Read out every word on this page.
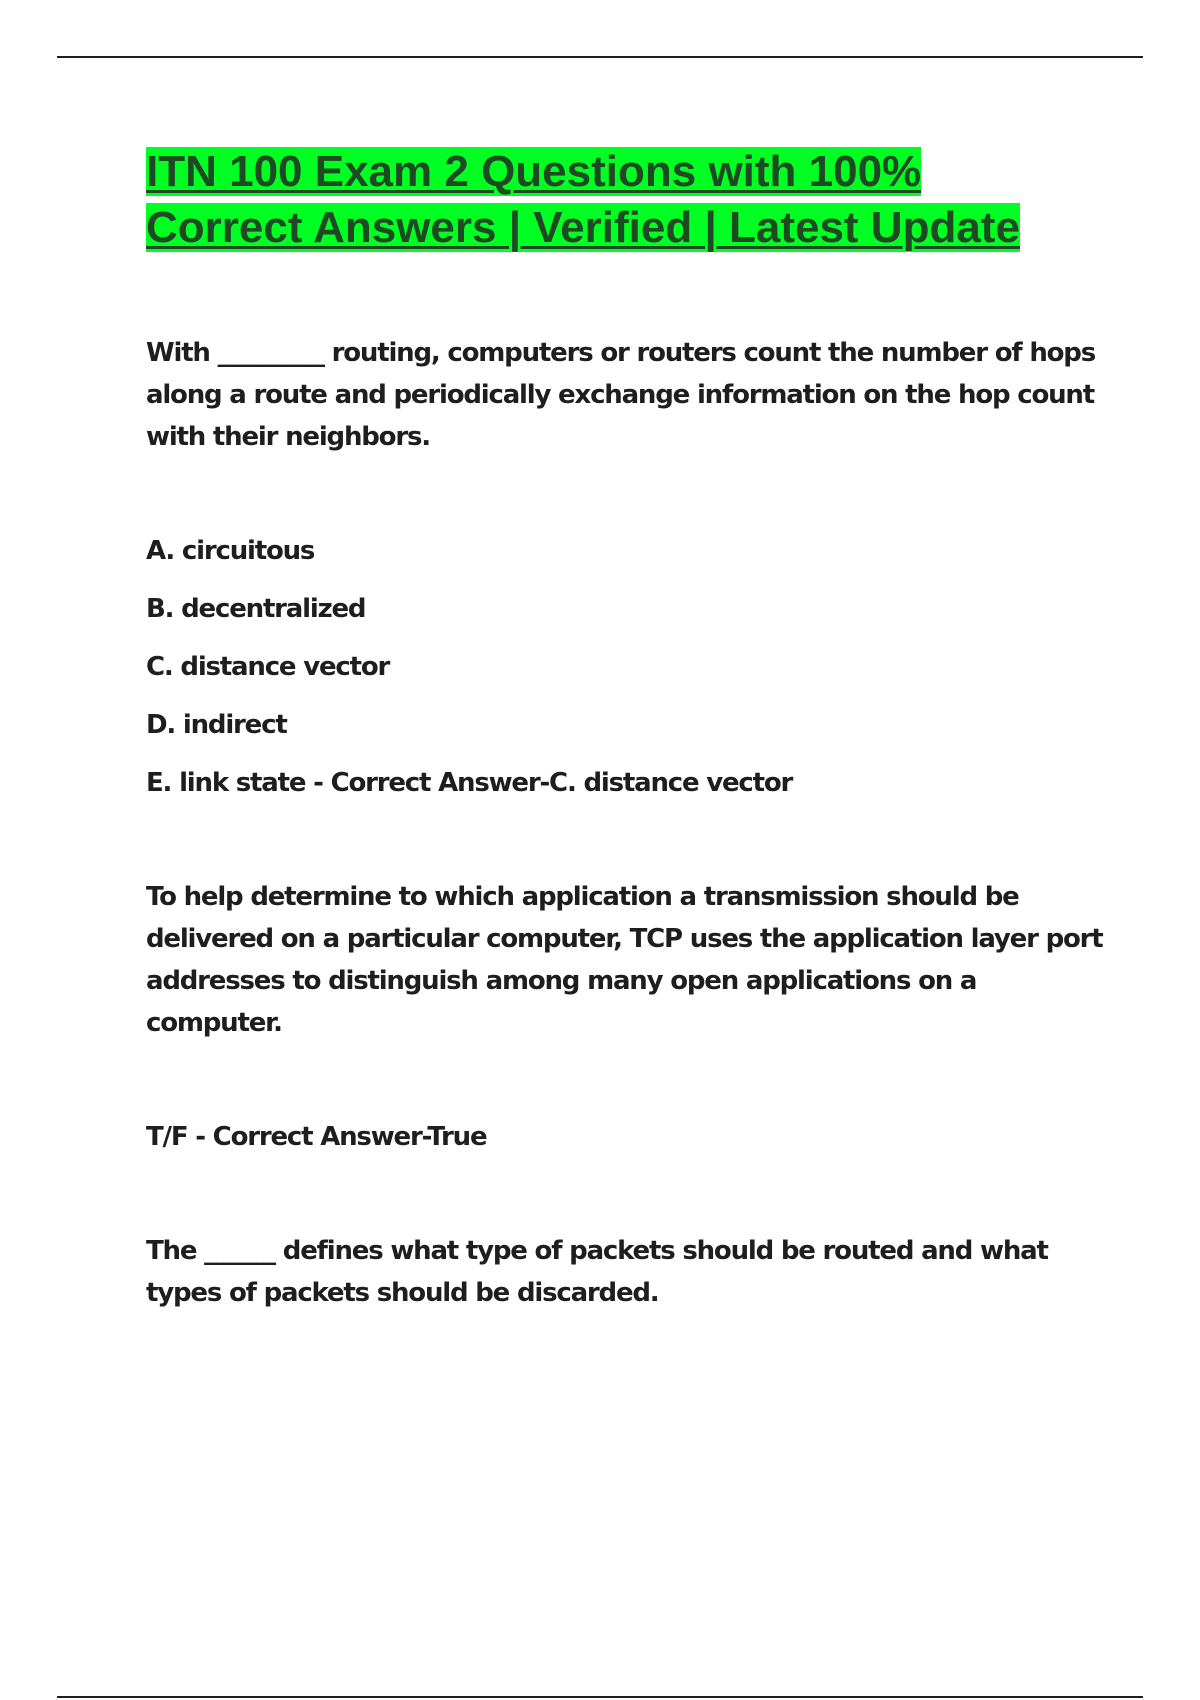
ITN 100 Exam 2 Questions with 100% Correct Answers | Verified | Latest Update

With _________ routing, computers or routers count the number of hops along a route and periodically exchange information on the hop count with their neighbors.

A. circuitous

B. decentralized

C. distance vector

D. indirect

E. link state - Correct Answer-C. distance vector

To help determine to which application a transmission should be delivered on a particular computer, TCP uses the application layer port addresses to distinguish among many open applications on a computer.

T/F - Correct Answer-True

The ______ defines what type of packets should be routed and what types of packets should be discarded.
